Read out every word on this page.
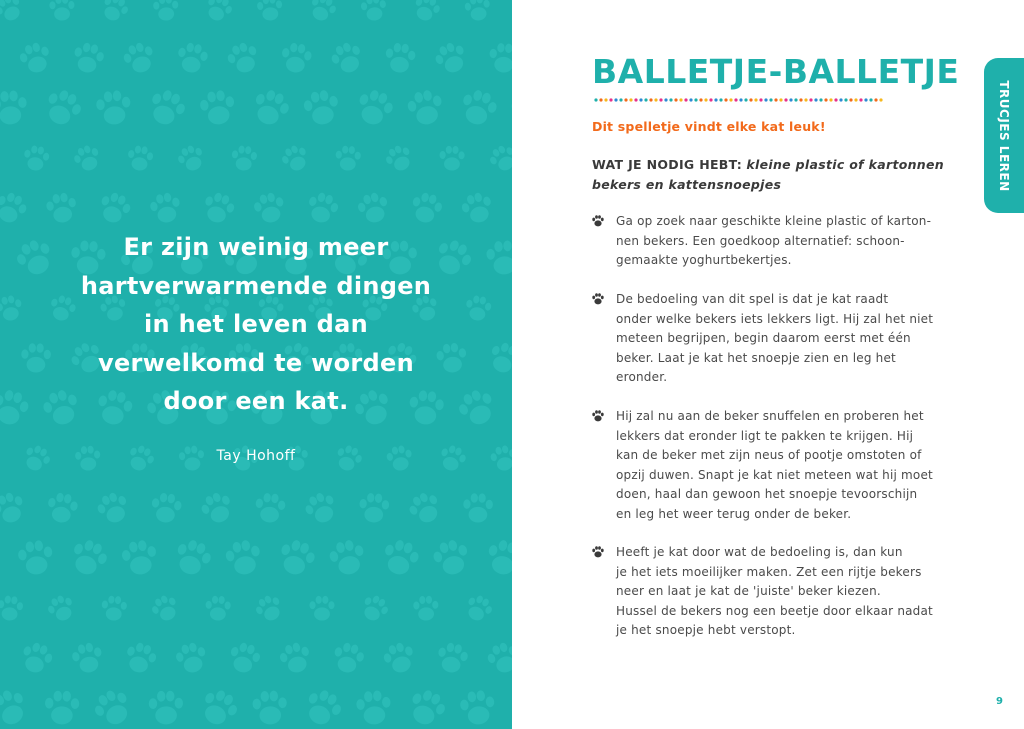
Er zijn weinig meer
hartverwarmende dingen
in het leven dan
verwelkomd te worden
door een kat.
Tay Hohoff
BALLETJE-BALLETJE
Dit spelletje vindt elke kat leuk!
WAT JE NODIG HEBT: kleine plastic of kartonnen bekers en kattensnoepjes
Ga op zoek naar geschikte kleine plastic of karton-
nen bekers. Een goedkoop alternatief: schoon-
gemaakte yoghurtbekertjes.
De bedoeling van dit spel is dat je kat raadt
onder welke bekers iets lekkers ligt. Hij zal het niet
meteen begrijpen, begin daarom eerst met één
beker. Laat je kat het snoepje zien en leg het
eronder.
Hij zal nu aan de beker snuffelen en proberen het
lekkers dat eronder ligt te pakken te krijgen. Hij
kan de beker met zijn neus of pootje omstoten of
opzij duwen. Snapt je kat niet meteen wat hij moet
doen, haal dan gewoon het snoepje tevoorschijn
en leg het weer terug onder de beker.
Heeft je kat door wat de bedoeling is, dan kun
je het iets moeilijker maken. Zet een rijtje bekers
neer en laat je kat de 'juiste' beker kiezen.
Hussel de bekers nog een beetje door elkaar nadat
je het snoepje hebt verstopt.
TRUCJES LEREN
9
